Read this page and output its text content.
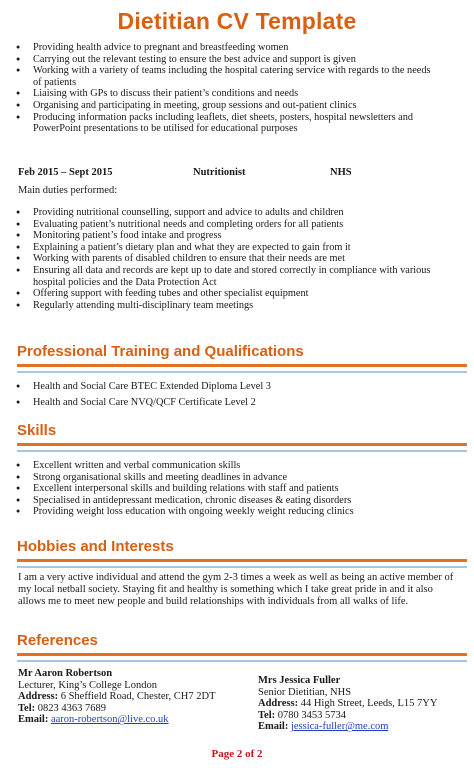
Dietitian CV Template
● Providing health advice to pregnant and breastfeeding women
● Carrying out the relevant testing to ensure the best advice and support is given
● Working with a variety of teams including the hospital catering service with regards to the needs of patients
● Liaising with GPs to discuss their patient’s conditions and needs
● Organising and participating in meeting, group sessions and out-patient clinics
● Producing information packs including leaflets, diet sheets, posters, hospital newsletters and PowerPoint presentations to be utilised for educational purposes
Feb 2015 – Sept 2015	Nutritionist	NHS
Main duties performed:
● Providing nutritional counselling, support and advice to adults and children
● Evaluating patient’s nutritional needs and completing orders for all patients
● Monitoring patient’s food intake and progress
● Explaining a patient’s dietary plan and what they are expected to gain from it
● Working with parents of disabled children to ensure that their needs are met
● Ensuring all data and records are kept up to date and stored correctly in compliance with various hospital policies and the Data Protection Act
● Offering support with feeding tubes and other specialist equipment
● Regularly attending multi-disciplinary team meetings
Professional Training and Qualifications
● Health and Social Care BTEC Extended Diploma Level 3
● Health and Social Care NVQ/QCF Certificate Level 2
Skills
● Excellent written and verbal communication skills
● Strong organisational skills and meeting deadlines in advance
● Excellent interpersonal skills and building relations with staff and patients
● Specialised in antidepressant medication, chronic diseases & eating disorders
● Providing weight loss education with ongoing weekly weight reducing clinics
Hobbies and Interests
I am a very active individual and attend the gym 2-3 times a week as well as being an active member of my local netball society. Staying fit and healthy is something which I take great pride in and it also allows me to meet new people and build relationships with individuals from all walks of life.
References
Mr Aaron Robertson
Lecturer, King’s College London
Address: 6 Sheffield Road, Chester, CH7 2DT
Tel: 0823 4363 7689
Email: aaron-robertson@live.co.uk
Mrs Jessica Fuller
Senior Dietitian, NHS
Address: 44 High Street, Leeds, L15 7YY
Tel: 0780 3453 5734
Email: jessica-fuller@me.com
Page 2 of 2
